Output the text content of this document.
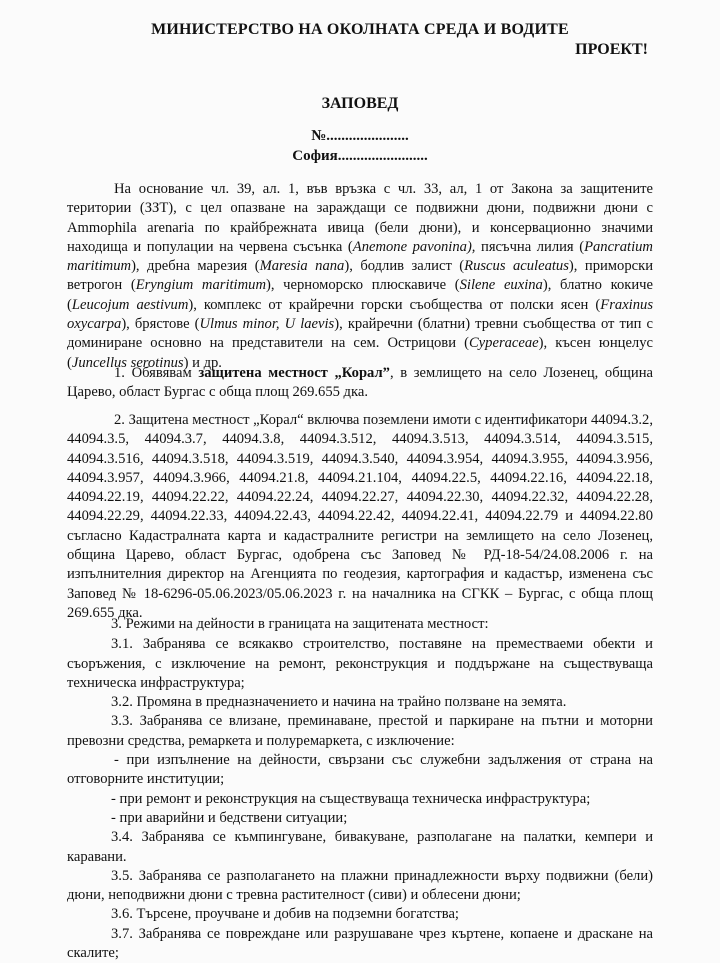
МИНИСТЕРСТВО НА ОКОЛНАТА СРЕДА И ВОДИТЕ
ПРОЕКТ!
ЗАПОВЕД
№......................
София........................

На основание чл. 39, ал. 1, във връзка с чл. 33, ал, 1 от Закона за защитените територии (ЗЗТ), с цел опазване на зараждащи се подвижни дюни, подвижни дюни с Ammophila arenaria по крайбрежната ивица (бели дюни), и консервационно значими находища и популации на червена съсънка (Anemone pavonina), пясъчна лилия (Pancratium maritimum), дребна марезия (Maresia nana), бодлив залист (Ruscus aculeatus), приморски ветрогон (Eryngium maritimum), черноморско плюскавиче (Silene euxina), блатно кокиче (Leucojum aestivum), комплекс от крайречни горски съобщества от полски ясен (Fraxinus oxycarpa), брястове (Ulmus minor, U laevis), крайречни (блатни) тревни съобщества от тип с доминиране основно на представители на сем. Острицови (Cyperaceae), късен юнцелус (Juncellus serotinus) и др.

1. Обявявам защитена местност „Корал”, в землището на село Лозенец, община Царево, област Бургас с обща площ 269.655 дка.

2. Защитена местност „Корал“ включва поземлени имоти с идентификатори 44094.3.2, 44094.3.5, 44094.3.7, 44094.3.8, 44094.3.512, 44094.3.513, 44094.3.514, 44094.3.515, 44094.3.516, 44094.3.518, 44094.3.519, 44094.3.540, 44094.3.954, 44094.3.955, 44094.3.956, 44094.3.957, 44094.3.966, 44094.21.8, 44094.21.104, 44094.22.5, 44094.22.16, 44094.22.18, 44094.22.19, 44094.22.22, 44094.22.24, 44094.22.27, 44094.22.30, 44094.22.32, 44094.22.28, 44094.22.29, 44094.22.33, 44094.22.43, 44094.22.42, 44094.22.41, 44094.22.79 и 44094.22.80 съгласно Кадастралната карта и кадастралните регистри на землището на село Лозенец, община Царево, област Бургас, одобрена със Заповед № РД-18-54/24.08.2006 г. на изпълнителния директор на Агенцията по геодезия, картография и кадастър, изменена със Заповед № 18-6296-05.06.2023/05.06.2023 г. на началника на СГКК – Бургас, с обща площ 269.655 дка.

3. Режими на дейности в границата на защитената местност:

3.1. Забранява се всякакво строителство, поставяне на преместваеми обекти и съоръжения, с изключение на ремонт, реконструкция и поддържане на съществуваща техническа инфраструктура;

3.2. Промяна в предназначението и начина на трайно ползване на земята.

3.3. Забранява се влизане, преминаване, престой и паркиране на пътни и моторни превозни средства, ремаркета и полуремаркета, с изключение:

- при изпълнение на дейности, свързани със служебни задължения от страна на отговорните институции;

- при ремонт и реконструкция на съществуваща техническа инфраструктура;

- при аварийни и бедствени ситуации;

3.4. Забранява се къмпингуване, бивакуване, разполагане на палатки, кемпери и каравани.

3.5. Забранява се разполагането на плажни принадлежности върху подвижни (бели) дюни, неподвижни дюни с тревна растителност (сиви) и облесени дюни;

3.6. Търсене, проучване и добив на подземни богатства;

3.7. Забранява се повреждане или разрушаване чрез къртене, копаене и драскане на скалите;
